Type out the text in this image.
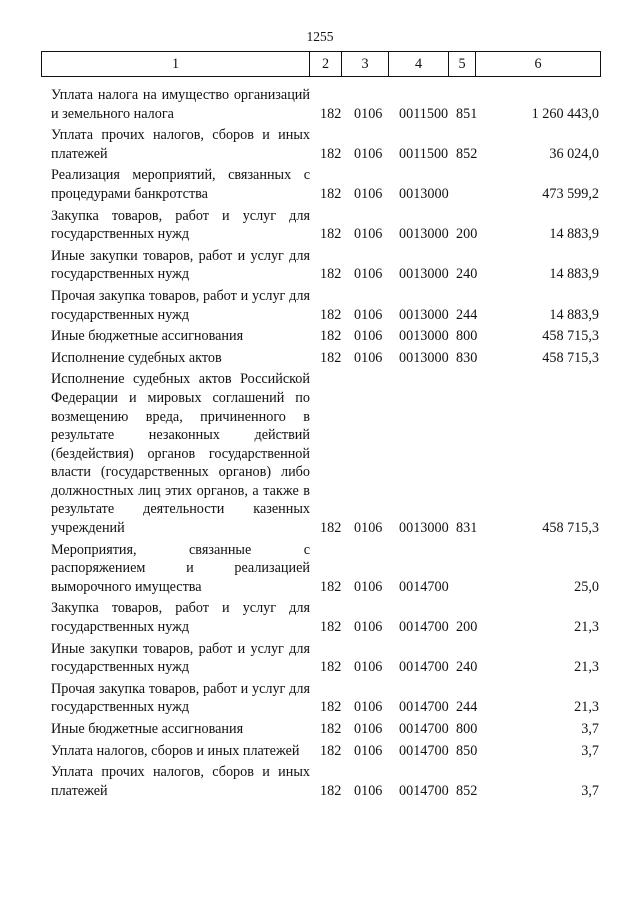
1255
1	2	3	4	5	6
Уплата налога на имущество организаций и земельного налога	182	0106	0011500	851	1 260 443,0
Уплата прочих налогов, сборов и иных платежей	182	0106	0011500	852	36 024,0
Реализация мероприятий, связанных с процедурами банкротства	182	0106	0013000		473 599,2
Закупка товаров, работ и услуг для государственных нужд	182	0106	0013000	200	14 883,9
Иные закупки товаров, работ и услуг для государственных нужд	182	0106	0013000	240	14 883,9
Прочая закупка товаров, работ и услуг для государственных нужд	182	0106	0013000	244	14 883,9
Иные бюджетные ассигнования	182	0106	0013000	800	458 715,3
Исполнение судебных актов	182	0106	0013000	830	458 715,3
Исполнение судебных актов Российской Федерации и мировых соглашений по возмещению вреда, причиненного в результате незаконных действий (бездействия) органов государственной власти (государственных органов) либо должностных лиц этих органов, а также в результате деятельности казенных учреждений	182	0106	0013000	831	458 715,3
Мероприятия, связанные с распоряжением и реализацией выморочного имущества	182	0106	0014700		25,0
Закупка товаров, работ и услуг для государственных нужд	182	0106	0014700	200	21,3
Иные закупки товаров, работ и услуг для государственных нужд	182	0106	0014700	240	21,3
Прочая закупка товаров, работ и услуг для государственных нужд	182	0106	0014700	244	21,3
Иные бюджетные ассигнования	182	0106	0014700	800	3,7
Уплата налогов, сборов и иных платежей	182	0106	0014700	850	3,7
Уплата прочих налогов, сборов и иных платежей	182	0106	0014700	852	3,7
